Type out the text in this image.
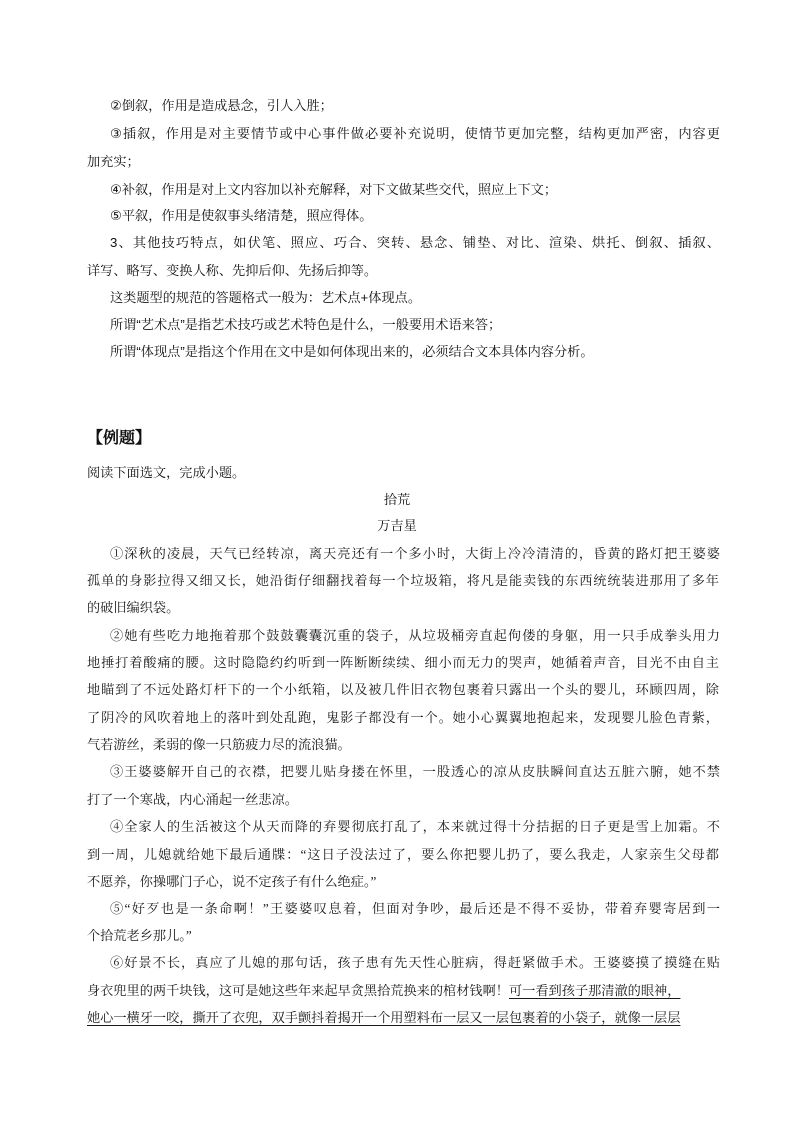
②倒叙，作用是造成悬念，引人入胜；
③插叙，作用是对主要情节或中心事件做必要补充说明，使情节更加完整，结构更加严密，内容更
加充实；
④补叙，作用是对上文内容加以补充解释，对下文做某些交代，照应上下文；
⑤平叙，作用是使叙事头绪清楚，照应得体。
3、其他技巧特点，如伏笔、照应、巧合、突转、悬念、铺垫、对比、渲染、烘托、倒叙、插叙、
详写、略写、变换人称、先抑后仰、先扬后抑等。
这类题型的规范的答题格式一般为：艺术点+体现点。
所谓“艺术点”是指艺术技巧或艺术特色是什么，一般要用术语来答；
所谓“体现点”是指这个作用在文中是如何体现出来的，必须结合文本具体内容分析。
【例题】
阅读下面选文，完成小题。
拾荒
万吉星
①深秋的凌晨，天气已经转凉，离天亮还有一个多小时，大街上冷冷清清的，昏黄的路灯把王婆婆
孤单的身影拉得又细又长，她沿街仔细翻找着每一个垃圾箱，将凡是能卖钱的东西统统装进那用了多年
的破旧编织袋。
②她有些吃力地拖着那个鼓鼓囊囊沉重的袋子，从垃圾桶旁直起佝偻的身躯，用一只手成拳头用力
地捶打着酸痛的腰。这时隐隐约约听到一阵断断续续、细小而无力的哭声，她循着声音，目光不由自主
地瞄到了不远处路灯杆下的一个小纸箱，以及被几件旧衣物包裹着只露出一个头的婴儿，环顾四周，除
了阴冷的风吹着地上的落叶到处乱跑，鬼影子都没有一个。她小心翼翼地抱起来，发现婴儿脸色青紫，
气若游丝，柔弱的像一只筋疲力尽的流浪猫。
③王婆婆解开自己的衣襟，把婴儿贴身搂在怀里，一股透心的凉从皮肤瞬间直达五脏六腑，她不禁
打了一个寒战，内心涌起一丝悲凉。
④全家人的生活被这个从天而降的弃婴彻底打乱了，本来就过得十分拮据的日子更是雪上加霜。不
到一周，儿媳就给她下最后通牒：“这日子没法过了，要么你把婴儿扔了，要么我走，人家亲生父母都
不愿养，你操哪门子心，说不定孩子有什么绝症。”
⑤“好歹也是一条命啊！”王婆婆叹息着，但面对争吵，最后还是不得不妥协，带着弃婴寄居到一
个拾荒老乡那儿。”
⑥好景不长，真应了儿媳的那句话，孩子患有先天性心脏病，得赶紧做手术。王婆婆摸了摸缝在贴
身衣兜里的两千块钱，这可是她这些年来起早贪黑拾荒换来的棺材钱啊！可一看到孩子那清澈的眼神，
她心一横牙一咬，撕开了衣兜，双手颤抖着揭开一个用塑料布一层又一层包裹着的小袋子，就像一层层
